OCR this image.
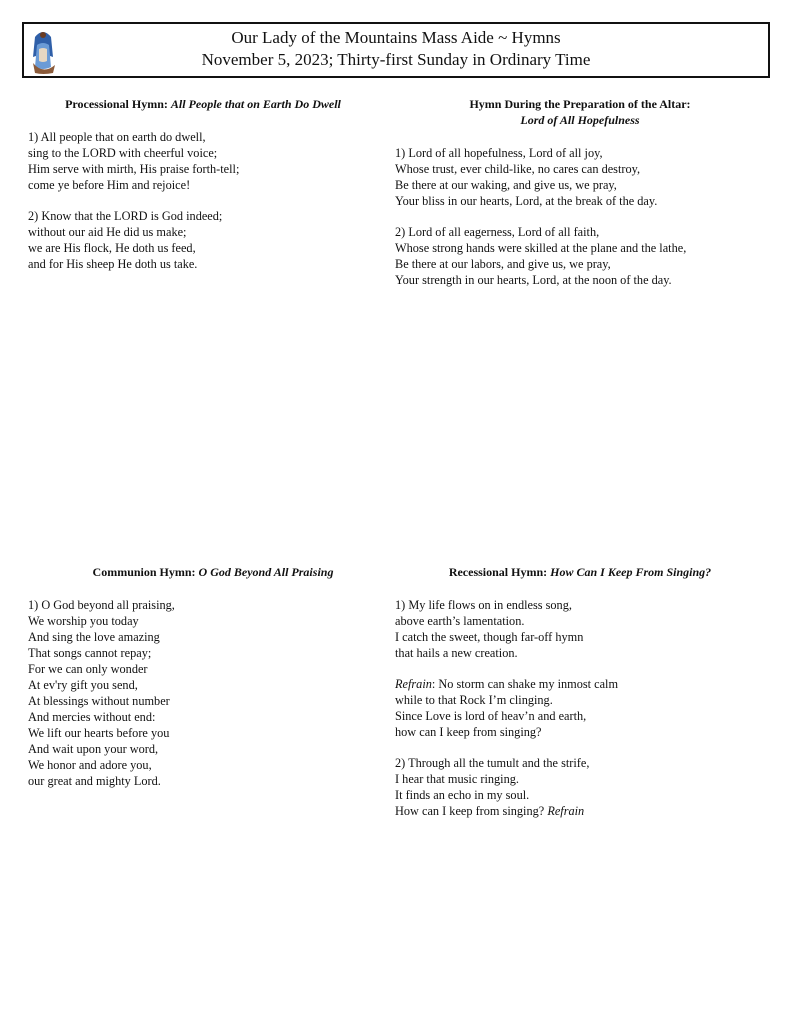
Our Lady of the Mountains Mass Aide ~ Hymns
November 5, 2023; Thirty-first Sunday in Ordinary Time
Processional Hymn: All People that on Earth Do Dwell
1) All people that on earth do dwell,
sing to the LORD with cheerful voice;
Him serve with mirth, His praise forth-tell;
come ye before Him and rejoice!
2) Know that the LORD is God indeed;
without our aid He did us make;
we are His flock, He doth us feed,
and for His sheep He doth us take.
Hymn During the Preparation of the Altar:
Lord of All Hopefulness
1) Lord of all hopefulness, Lord of all joy,
Whose trust, ever child-like, no cares can destroy,
Be there at our waking, and give us, we pray,
Your bliss in our hearts, Lord, at the break of the day.
2) Lord of all eagerness, Lord of all faith,
Whose strong hands were skilled at the plane and the lathe,
Be there at our labors, and give us, we pray,
Your strength in our hearts, Lord, at the noon of the day.
Communion Hymn: O God Beyond All Praising
1) O God beyond all praising,
We worship you today
And sing the love amazing
That songs cannot repay;
For we can only wonder
At ev'ry gift you send,
At blessings without number
And mercies without end:
We lift our hearts before you
And wait upon your word,
We honor and adore you,
our great and mighty Lord.
Recessional Hymn: How Can I Keep From Singing?
1) My life flows on in endless song,
above earth’s lamentation.
I catch the sweet, though far-off hymn
that hails a new creation.
Refrain: No storm can shake my inmost calm
while to that Rock I’m clinging.
Since Love is lord of heav’n and earth,
how can I keep from singing?
2) Through all the tumult and the strife,
I hear that music ringing.
It finds an echo in my soul.
How can I keep from singing? Refrain
